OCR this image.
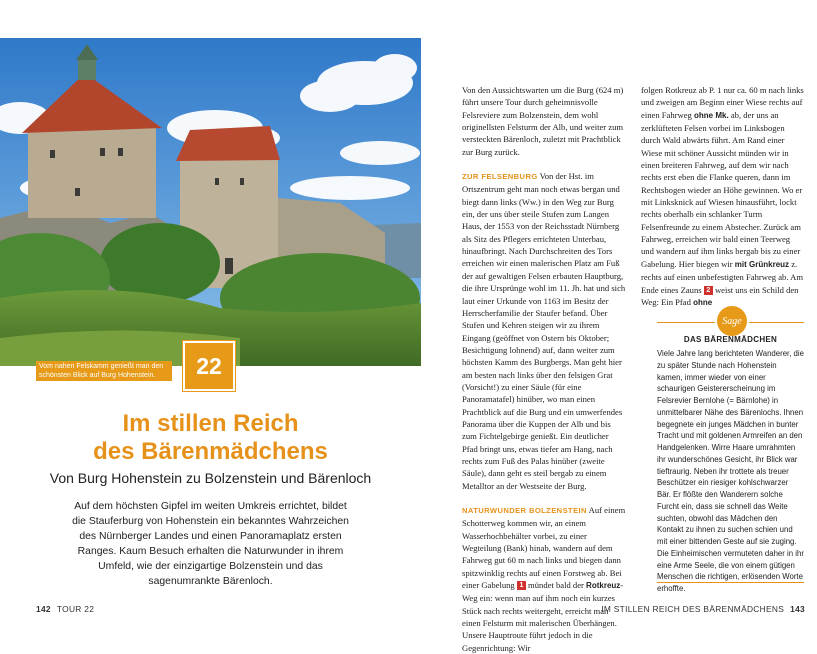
Vom nahen Felskamm genießt man den schönsten Blick auf Burg Hohenstein.	22
Im stillen Reich
des Bärenmädchens
Von Burg Hohenstein zu Bolzenstein und Bärenloch
Auf dem höchsten Gipfel im weiten Umkreis errichtet, bildet die Stauferburg von Hohenstein ein bekanntes Wahrzeichen des Nürnberger Landes und einen Panoramaplatz ersten Ranges. Kaum Besuch erhalten die Naturwunder in ihrem Umfeld, wie der einzigartige Bolzenstein und das sagenumrankte Bärenloch.
142 TOUR 22

Von den Aussichtswarten um die Burg (624 m) führt unsere Tour durch geheimnisvolle Felsreviere zum Bolzenstein, dem wohl originellsten Felsturm der Alb, und weiter zum versteckten Bärenloch, zuletzt mit Prachtblick zur Burg zurück.

ZUR FELSENBURG Von der Hst. im Ortszentrum geht man noch etwas bergan und biegt dann links (Ww.) in den Weg zur Burg ein, der uns über steile Stufen zum Langen Haus, der 1553 von der Reichsstadt Nürnberg als Sitz des Pflegers errichteten Unterbau, hinaufbringt. Nach Durchschreiten des Tors erreichen wir einen malerischen Platz am Fuß der auf gewaltigen Felsen erbauten Hauptburg, die ihre Ursprünge wohl im 11. Jh. hat und sich laut einer Urkunde von 1163 im Besitz der Herrscherfamilie der Staufer befand. Über Stufen und Kehren steigen wir zu ihrem Eingang (geöffnet von Ostern bis Oktober; Besichtigung lohnend) auf, dann weiter zum höchsten Kamm des Burgbergs. Man geht hier am besten nach links über den felsigen Grat (Vorsicht!) zu einer Säule (für eine Panoramatafel) hinüber, wo man einen Prachtblick auf die Burg und ein umwerfendes Panorama über die Kuppen der Alb und bis zum Fichtelgebirge genießt. Ein deutlicher Pfad bringt uns, etwas tiefer am Hang, nach rechts zum Fuß des Palas hinüber (zweite Säule), dann geht es steil bergab zu einem Metalltor an der Westseite der Burg.

NATURWUNDER BOLZENSTEIN Auf einem Schotterweg kommen wir, an einem Wasserhochbehälter vorbei, zu einer Wegteilung (Bank) hinab, wandern auf dem Fahrweg gut 60 m nach links und biegen dann spitzwinklig rechts auf einen Forstweg ab. Bei einer Gabelung 1 mündet bald der Rotkreuz-Weg ein: wenn man auf ihm noch ein kurzes Stück nach rechts weitergeht, erreicht man einen Felsturm mit malerischen Überhängen. Unsere Hauptroute führt jedoch in die Gegenrichtung: Wir

folgen Rotkreuz ab P. 1 nur ca. 60 m nach links und zweigen am Beginn einer Wiese rechts auf einen Fahrweg ohne Mk. ab, der uns an zerklüfteten Felsen vorbei im Linksbogen durch Wald abwärts führt. Am Rand einer Wiese mit schöner Aussicht münden wir in einen breiteren Fahrweg, auf dem wir nach rechts erst eben die Flanke queren, dann im Rechtsbogen wieder an Höhe gewinnen. Wo er mit Linksknick auf Wiesen hinausführt, lockt rechts oberhalb ein schlanker Turm Felsenfreunde zu einem Abstecher. Zurück am Fahrweg, erreichen wir bald einen Teerweg und wandern auf ihm links bergab bis zu einer Gabelung. Hier biegen wir mit Grünkreuz z. rechts auf einen unbefestigten Fahrweg ab. Am Ende eines Zauns 2 weist uns ein Schild den Weg: Ein Pfad ohne

Sage
DAS BÄRENMÄDCHEN
Viele Jahre lang berichteten Wanderer, die zu später Stunde nach Hohenstein kamen, immer wieder von einer schaurigen Geistererscheinung im Felsrevier Bernlohe (= Bärnlohe) in unmittelbarer Nähe des Bärenlochs. Ihnen begegnete ein junges Mädchen in bunter Tracht und mit goldenen Armreifen an den Handgelenken. Wirre Haare umrahmten ihr wunderschönes Gesicht, ihr Blick war tieftraurig. Neben ihr trottete als treuer Beschützer ein riesiger kohlschwarzer Bär. Er flößte den Wanderern solche Furcht ein, dass sie schnell das Weite suchten, obwohl das Mädchen den Kontakt zu ihnen zu suchen schien und mit einer bittenden Geste auf sie zuging. Die Einheimischen vermuteten daher in ihr eine Arme Seele, die von einem gütigen Menschen die richtigen, erlösenden Worte erhoffte.
IM STILLEN REICH DES BÄRENMÄDCHENS 143
